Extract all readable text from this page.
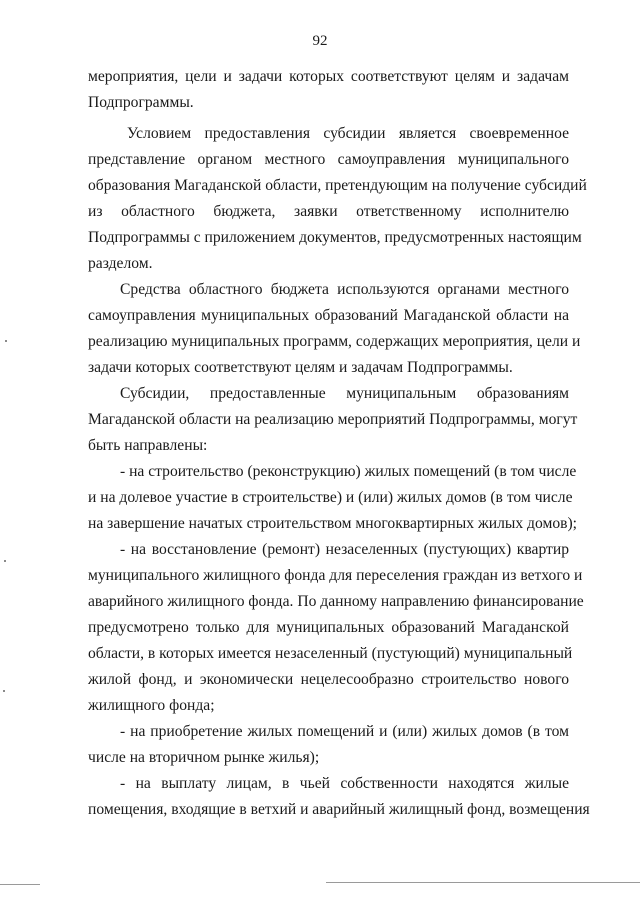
92
мероприятия, цели и задачи которых соответствуют целям и задачам
Подпрограммы.
Условием предоставления субсидии является своевременное
представление органом местного самоуправления муниципального
образования Магаданской области, претендующим на получение субсидий
из областного бюджета, заявки ответственному исполнителю
Подпрограммы с приложением документов, предусмотренных настоящим
разделом.
Средства областного бюджета используются органами местного
самоуправления муниципальных образований Магаданской области на
реализацию муниципальных программ, содержащих мероприятия, цели и
задачи которых соответствуют целям и задачам Подпрограммы.
Субсидии, предоставленные муниципальным образованиям
Магаданской области на реализацию мероприятий Подпрограммы, могут
быть направлены:
- на строительство (реконструкцию) жилых помещений (в том числе
и на долевое участие в строительстве) и (или) жилых домов (в том числе
на завершение начатых строительством многоквартирных жилых домов);
- на восстановление (ремонт) незаселенных (пустующих) квартир
муниципального жилищного фонда для переселения граждан из ветхого и
аварийного жилищного фонда. По данному направлению финансирование
предусмотрено только для муниципальных образований Магаданской
области, в которых имеется незаселенный (пустующий) муниципальный
жилой фонд, и экономически нецелесообразно строительство нового
жилищного фонда;
- на приобретение жилых помещений и (или) жилых домов (в том
числе на вторичном рынке жилья);
- на выплату лицам, в чьей собственности находятся жилые
помещения, входящие в ветхий и аварийный жилищный фонд, возмещения
